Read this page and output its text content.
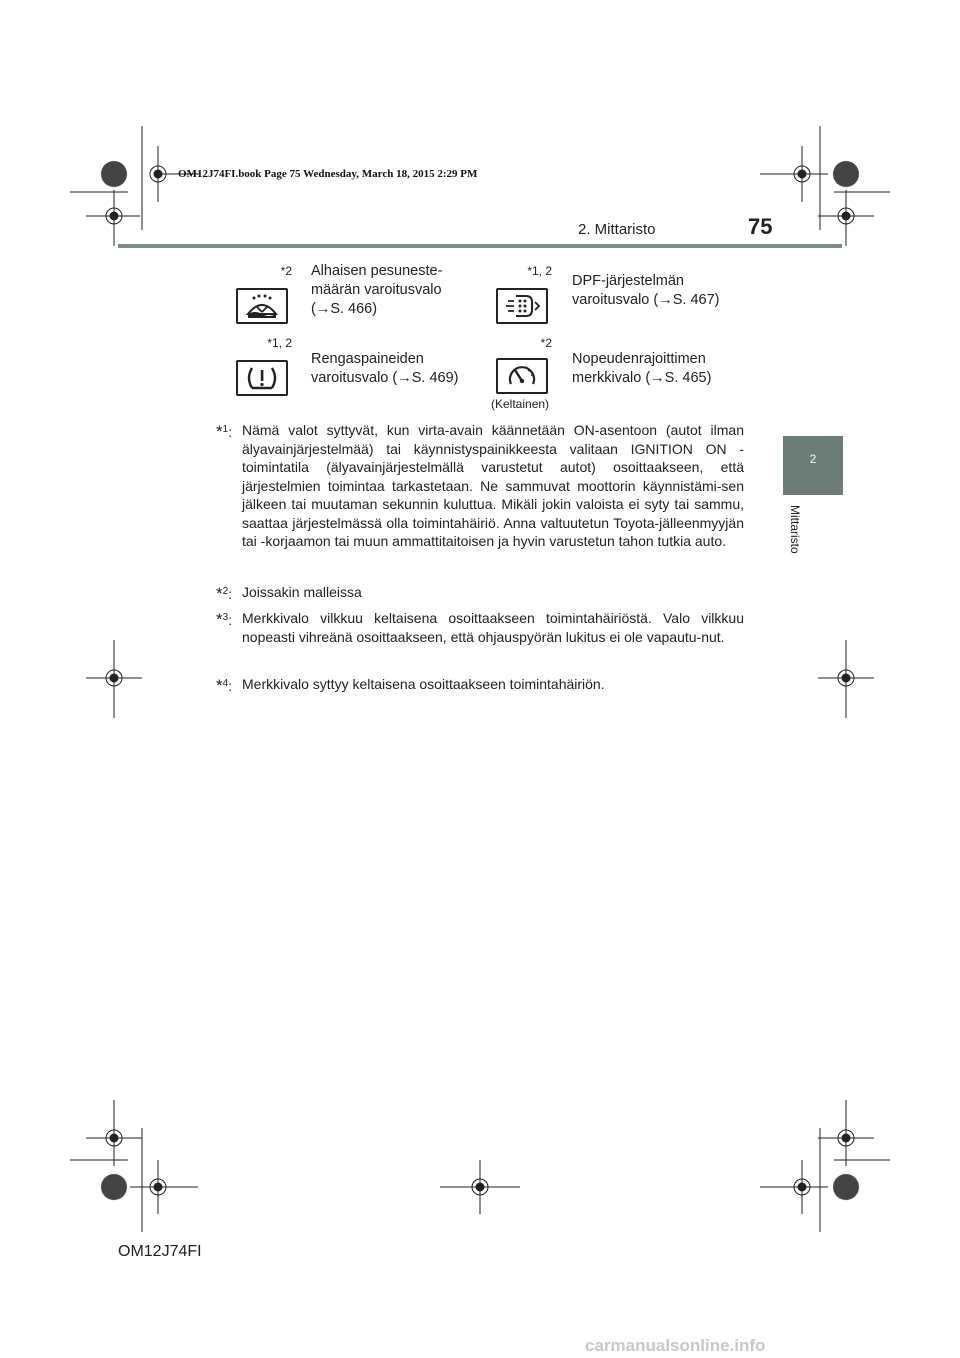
OM12J74FI.book Page 75 Wednesday, March 18, 2015 2:29 PM
2. Mittaristo	75
2
Mittaristo
*2 Alhaisen pesuneste-
määrän varoitusvalo
(→S. 466)
*1, 2
DPF-järjestelmän
varoitusvalo (→S. 467)
*1, 2
Rengaspaineiden
varoitusvalo (→S. 469)
*2
(Keltainen)
Nopeudenrajoittimen
merkkivalo (→S. 465)
*$^1$: Nämä valot syttyvät, kun virta-avain käännetään ON-asentoon (autot ilman älyavainjärjestelmää) tai käynnistyspainikkeesta valitaan IGNITION ON -toimintatila (älyavainjärjestelmällä varustetut autot) osoittaakseen, että järjestelmien toimintaa tarkastetaan. Ne sammuvat moottorin käynnistämi-sen jälkeen tai muutaman sekunnin kuluttua. Mikäli jokin valoista ei syty tai sammu, saattaa järjestelmässä olla toimintahäiriö. Anna valtuutetun Toyota-jälleenmyyjän tai -korjaamon tai muun ammattitaitoisen ja hyvin varustetun tahon tutkia auto.
*$^2$: Joissakin malleissa
*$^3$: Merkkivalo vilkkuu keltaisena osoittaakseen toimintahäiriöstä. Valo vilkkuu nopeasti vihreänä osoittaakseen, että ohjauspyörän lukitus ei ole vapautu-nut.
*$^4$: Merkkivalo syttyy keltaisena osoittaakseen toimintahäiriön.
OM12J74FI
carmanualsonline.info
